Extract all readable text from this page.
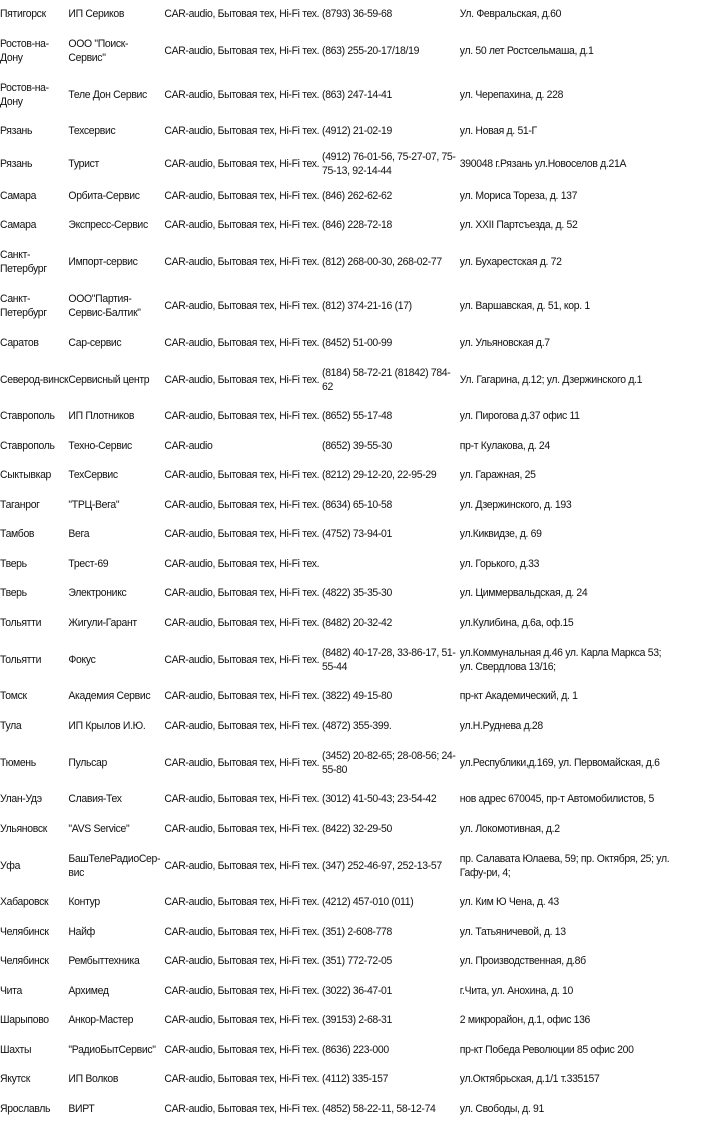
Пятигорск	ИП Сериков	CAR-audio, Бытовая тех, Hi-Fi тех.	(8793) 36-59-68	Ул. Февральская, д.60
Ростов-на-Дону	ООО "Поиск-Сервис"	CAR-audio, Бытовая тех, Hi-Fi тех.	(863) 255-20-17/18/19	ул. 50 лет Ростсельмаша, д.1
Ростов-на-Дону	Теле Дон Сервис	CAR-audio, Бытовая тех, Hi-Fi тех.	(863) 247-14-41	ул. Черепахина, д. 228
Рязань	Техсервис	CAR-audio, Бытовая тех, Hi-Fi тех.	(4912) 21-02-19	ул. Новая д. 51-Г
Рязань	Турист	CAR-audio, Бытовая тех, Hi-Fi тех.	(4912) 76-01-56, 75-27-07, 75-75-13, 92-14-44	390048 г.Рязань ул.Новоселов д.21А
Самара	Орбита-Сервис	CAR-audio, Бытовая тех, Hi-Fi тех.	(846) 262-62-62	ул. Мориса Тореза, д. 137
Самара	Экспресс-Сервис	CAR-audio, Бытовая тех, Hi-Fi тех.	(846) 228-72-18	ул. XXII Партсъезда, д. 52
Санкт-Петербург	Импорт-сервис	CAR-audio, Бытовая тех, Hi-Fi тех.	(812) 268-00-30, 268-02-77	ул. Бухарестская д. 72
Санкт-Петербург	ООО"Партия-Сервис-Балтик"	CAR-audio, Бытовая тех, Hi-Fi тех.	(812) 374-21-16 (17)	ул. Варшавская, д. 51, кор. 1
Саратов	Сар-сервис	CAR-audio, Бытовая тех, Hi-Fi тех.	(8452) 51-00-99	ул. Ульяновская д.7
Северод-винск	Сервисный центр	CAR-audio, Бытовая тех, Hi-Fi тех.	(8184) 58-72-21 (81842) 784-62	Ул. Гагарина, д.12; ул. Дзержинского д.1
Ставрополь	ИП Плотников	CAR-audio, Бытовая тех, Hi-Fi тех.	(8652) 55-17-48	ул. Пирогова д.37 офис 11
Ставрополь	Техно-Сервис	CAR-audio	(8652) 39-55-30	пр-т Кулакова, д. 24
Сыктывкар	ТехСервис	CAR-audio, Бытовая тех, Hi-Fi тех.	(8212) 29-12-20, 22-95-29	ул. Гаражная, 25
Таганрог	"ТРЦ-Вега"	CAR-audio, Бытовая тех, Hi-Fi тех.	(8634) 65-10-58	ул. Дзержинского, д. 193
Тамбов	Вега	CAR-audio, Бытовая тех, Hi-Fi тех.	(4752) 73-94-01	ул.Киквидзе, д. 69
Тверь	Трест-69	CAR-audio, Бытовая тех, Hi-Fi тех.		ул. Горького, д.33
Тверь	Электроникс	CAR-audio, Бытовая тех, Hi-Fi тех.	(4822) 35-35-30	ул. Циммервальдская, д. 24
Тольятти	Жигули-Гарант	CAR-audio, Бытовая тех, Hi-Fi тех.	(8482) 20-32-42	ул.Кулибина, д.6а, оф.15
Тольятти	Фокус	CAR-audio, Бытовая тех, Hi-Fi тех.	(8482) 40-17-28, 33-86-17, 51-55-44	ул.Коммунальная д.46 ул. Карла Маркса 53; ул. Свердлова 13/16;
Томск	Академия Сервис	CAR-audio, Бытовая тех, Hi-Fi тех.	(3822) 49-15-80	пр-кт Академический, д. 1
Тула	ИП Крылов И.Ю.	CAR-audio, Бытовая тех, Hi-Fi тех.	(4872) 355-399.	ул.Н.Руднева д.28
Тюмень	Пульсар	CAR-audio, Бытовая тех, Hi-Fi тех.	(3452) 20-82-65; 28-08-56; 24-55-80	ул.Республики,д.169, ул. Первомайская, д.6
Улан-Удэ	Славия-Тех	CAR-audio, Бытовая тех, Hi-Fi тех.	(3012) 41-50-43; 23-54-42	нов адрес 670045, пр-т Автомобилистов, 5
Ульяновск	"AVS Service"	CAR-audio, Бытовая тех, Hi-Fi тех.	(8422) 32-29-50	ул. Локомотивная, д.2
Уфа	БашТелеРадиоСер-вис	CAR-audio, Бытовая тех, Hi-Fi тех.	(347) 252-46-97, 252-13-57	пр. Салавата Юлаева, 59; пр. Октября, 25; ул. Гафу-ри, 4;
Хабаровск	Контур	CAR-audio, Бытовая тех, Hi-Fi тех.	(4212) 457-010 (011)	ул. Ким Ю Чена, д. 43
Челябинск	Найф	CAR-audio, Бытовая тех, Hi-Fi тех.	(351) 2-608-778	ул. Татьяничевой, д. 13
Челябинск	Рембыттехника	CAR-audio, Бытовая тех, Hi-Fi тех.	(351) 772-72-05	ул. Производственная, д.8б
Чита	Архимед	CAR-audio, Бытовая тех, Hi-Fi тех.	(3022) 36-47-01	г.Чита, ул. Анохина, д. 10
Шарыпово	Анкор-Мастер	CAR-audio, Бытовая тех, Hi-Fi тех.	(39153) 2-68-31	2 микрорайон, д.1, офис 136
Шахты	"РадиоБытСервис"	CAR-audio, Бытовая тех, Hi-Fi тех.	(8636) 223-000	пр-кт Победа Революции 85 офис 200
Якутск	ИП Волков	CAR-audio, Бытовая тех, Hi-Fi тех.	(4112) 335-157	ул.Октябрьская, д.1/1 т.335157
Ярославль	ВИРТ	CAR-audio, Бытовая тех, Hi-Fi тех.	(4852) 58-22-11, 58-12-74	ул. Свободы, д. 91
